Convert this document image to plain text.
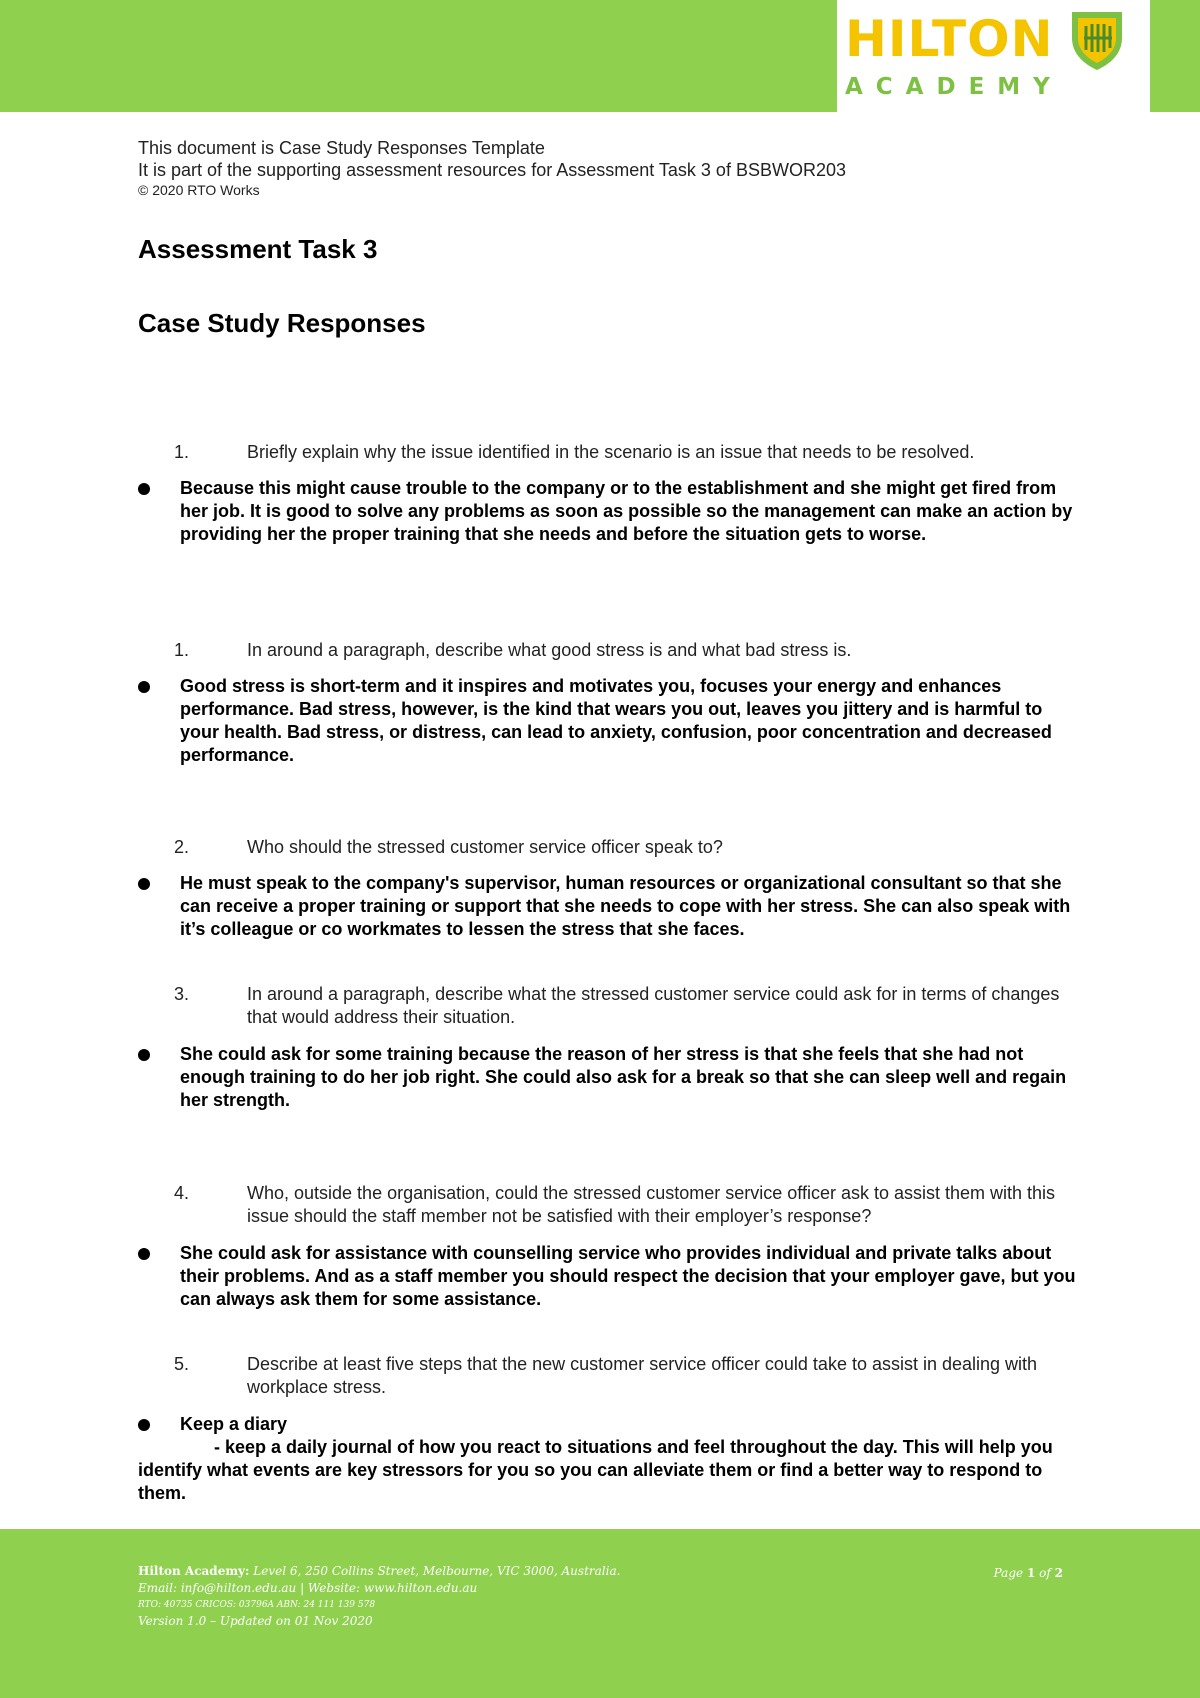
HILTON
ACADEMY
This document is Case Study Responses Template
It is part of the supporting assessment resources for Assessment Task 3 of BSBWOR203
© 2020 RTO Works
Assessment Task 3
Case Study Responses
1.	Briefly explain why the issue identified in the scenario is an issue that needs to be resolved.
Because this might cause trouble to the company or to the establishment and she might get fired from her job. It is good to solve any problems as soon as possible so the management can make an action by providing her the proper training that she needs and before the situation gets to worse.
1.	In around a paragraph, describe what good stress is and what bad stress is.
Good stress is short-term and it inspires and motivates you, focuses your energy and enhances performance. Bad stress, however, is the kind that wears you out, leaves you jittery and is harmful to your health. Bad stress, or distress, can lead to anxiety, confusion, poor concentration and decreased performance.
2.	Who should the stressed customer service officer speak to?
He must speak to the company's supervisor, human resources or organizational consultant so that she can receive a proper training or support that she needs to cope with her stress. She can also speak with it’s colleague or co workmates to lessen the stress that she faces.
3.	In around a paragraph, describe what the stressed customer service could ask for in terms of changes that would address their situation.
She could ask for some training because the reason of her stress is that she feels that she had not enough training to do her job right. She could also ask for a break so that she can sleep well and regain her strength.
4.	Who, outside the organisation, could the stressed customer service officer ask to assist them with this issue should the staff member not be satisfied with their employer’s response?
She could ask for assistance with counselling service who provides individual and private talks about their problems. And as a staff member you should respect the decision that your employer gave, but you can always ask them for some assistance.
5.	Describe at least five steps that the new customer service officer could take to assist in dealing with workplace stress.
Keep a diary
- keep a daily journal of how you react to situations and feel throughout the day. This will help you identify what events are key stressors for you so you can alleviate them or find a better way to respond to them.
Hilton Academy: Level 6, 250 Collins Street, Melbourne, VIC 3000, Australia.
Email: info@hilton.edu.au | Website: www.hilton.edu.au
RTO: 40735 CRICOS: 03796A ABN: 24 111 139 578
Version 1.0 – Updated on 01 Nov 2020
Page 1 of 2
